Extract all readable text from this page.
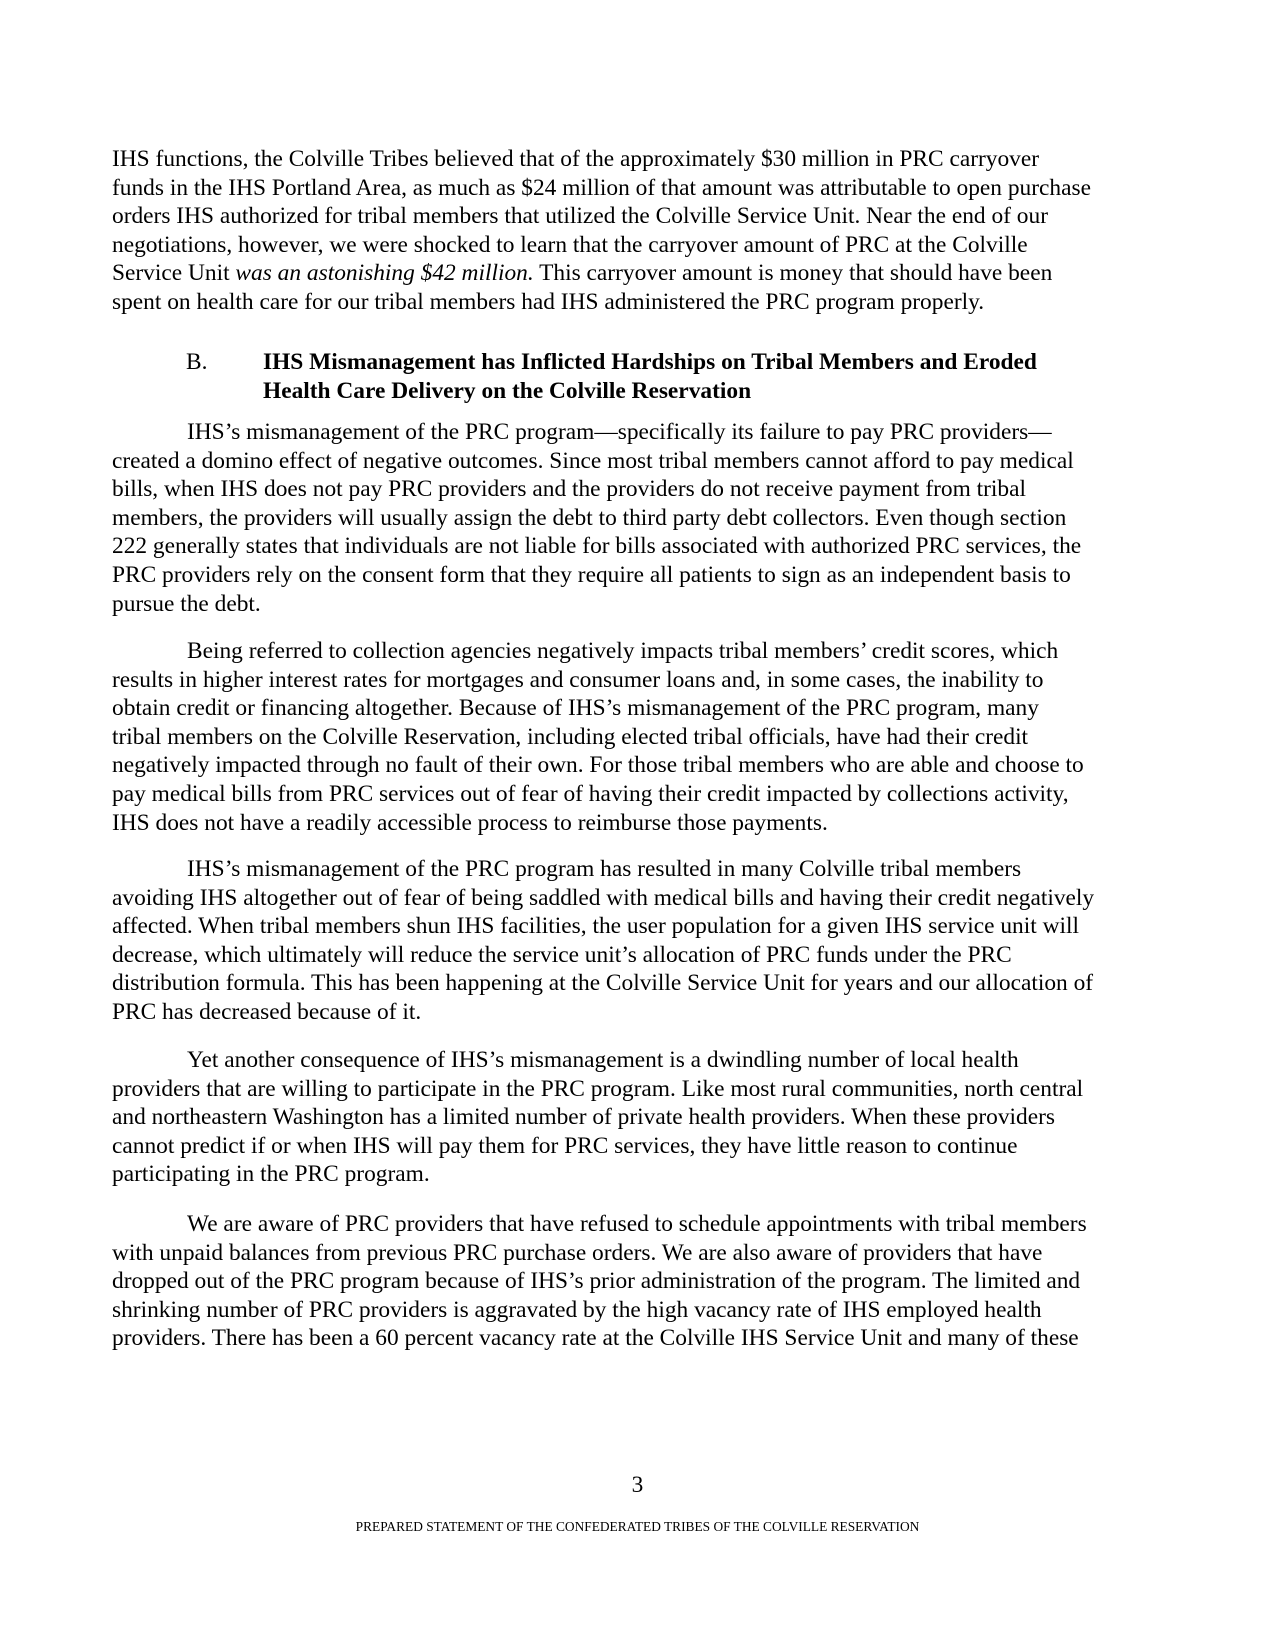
IHS functions, the Colville Tribes believed that of the approximately $30 million in PRC carryover
funds in the IHS Portland Area, as much as $24 million of that amount was attributable to open purchase
orders IHS authorized for tribal members that utilized the Colville Service Unit. Near the end of our
negotiations, however, we were shocked to learn that the carryover amount of PRC at the Colville
Service Unit was an astonishing $42 million. This carryover amount is money that should have been
spent on health care for our tribal members had IHS administered the PRC program properly.
B. IHS Mismanagement has Inflicted Hardships on Tribal Members and Eroded
Health Care Delivery on the Colville Reservation
IHS’s mismanagement of the PRC program—specifically its failure to pay PRC providers—
created a domino effect of negative outcomes. Since most tribal members cannot afford to pay medical
bills, when IHS does not pay PRC providers and the providers do not receive payment from tribal
members, the providers will usually assign the debt to third party debt collectors. Even though section
222 generally states that individuals are not liable for bills associated with authorized PRC services, the
PRC providers rely on the consent form that they require all patients to sign as an independent basis to
pursue the debt.
Being referred to collection agencies negatively impacts tribal members’ credit scores, which
results in higher interest rates for mortgages and consumer loans and, in some cases, the inability to
obtain credit or financing altogether. Because of IHS’s mismanagement of the PRC program, many
tribal members on the Colville Reservation, including elected tribal officials, have had their credit
negatively impacted through no fault of their own. For those tribal members who are able and choose to
pay medical bills from PRC services out of fear of having their credit impacted by collections activity,
IHS does not have a readily accessible process to reimburse those payments.
IHS’s mismanagement of the PRC program has resulted in many Colville tribal members
avoiding IHS altogether out of fear of being saddled with medical bills and having their credit negatively
affected. When tribal members shun IHS facilities, the user population for a given IHS service unit will
decrease, which ultimately will reduce the service unit’s allocation of PRC funds under the PRC
distribution formula. This has been happening at the Colville Service Unit for years and our allocation of
PRC has decreased because of it.
Yet another consequence of IHS’s mismanagement is a dwindling number of local health
providers that are willing to participate in the PRC program. Like most rural communities, north central
and northeastern Washington has a limited number of private health providers. When these providers
cannot predict if or when IHS will pay them for PRC services, they have little reason to continue
participating in the PRC program.
We are aware of PRC providers that have refused to schedule appointments with tribal members
with unpaid balances from previous PRC purchase orders. We are also aware of providers that have
dropped out of the PRC program because of IHS’s prior administration of the program. The limited and
shrinking number of PRC providers is aggravated by the high vacancy rate of IHS employed health
providers. There has been a 60 percent vacancy rate at the Colville IHS Service Unit and many of these
3
PREPARED STATEMENT OF THE CONFEDERATED TRIBES OF THE COLVILLE RESERVATION
